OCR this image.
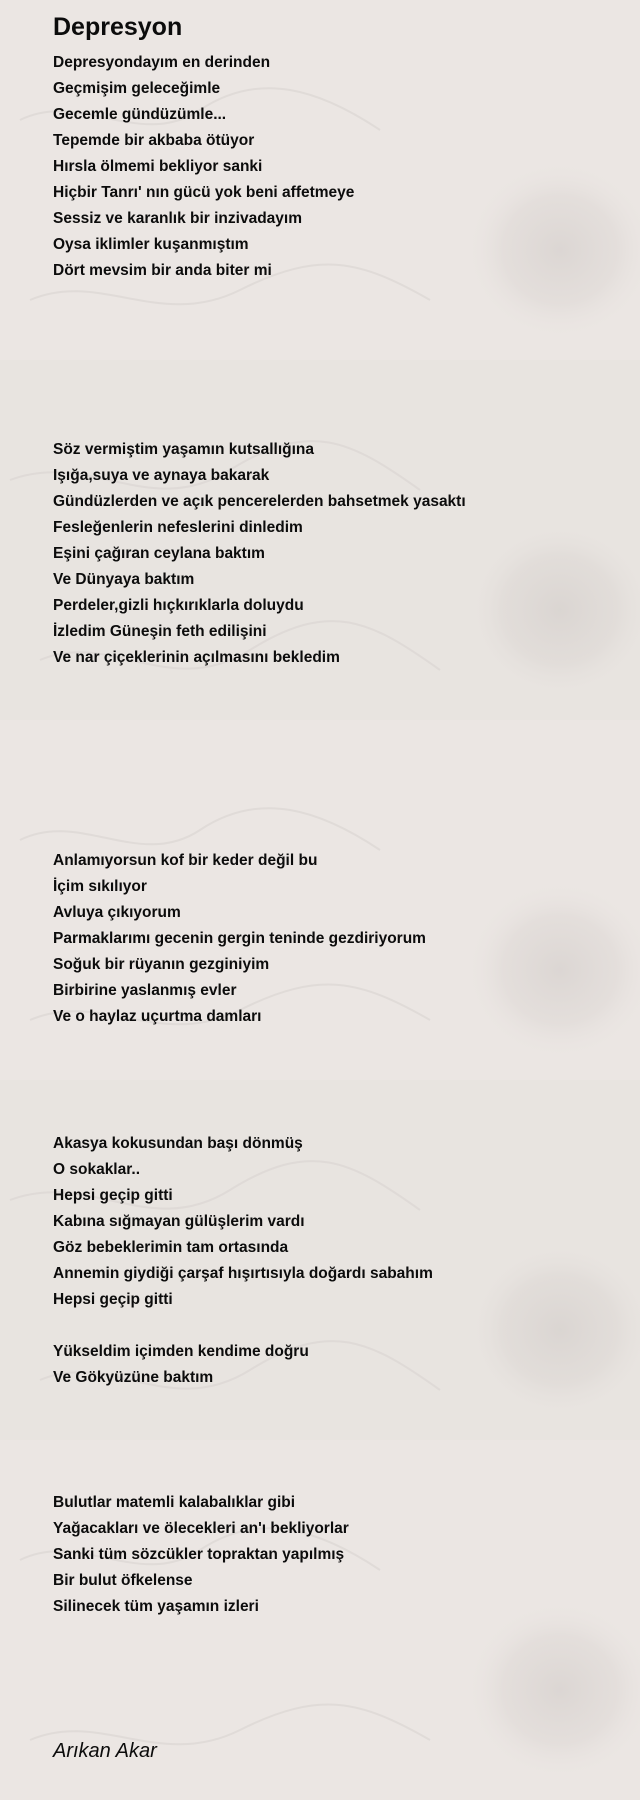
Depresyon
Depresyondayım en derinden
Geçmişim geleceğimle
Gecemle gündüzümle...
Tepemde bir akbaba ötüyor
Hırsla ölmemi bekliyor sanki
Hiçbir Tanrı' nın gücü yok beni affetmeye
Sessiz ve karanlık bir inzivadayım
Oysa iklimler kuşanmıştım
Dört mevsim bir anda biter mi
Söz vermiştim yaşamın kutsallığına
Işığa,suya ve aynaya bakarak
Gündüzlerden ve açık pencerelerden bahsetmek yasaktı
Fesleğenlerin nefeslerini dinledim
Eşini çağıran ceylana baktım
Ve Dünyaya baktım
Perdeler,gizli hıçkırıklarla doluydu
İzledim Güneşin feth edilişini
Ve nar çiçeklerinin açılmasını bekledim
Anlamıyorsun kof bir keder değil bu
İçim sıkılıyor
Avluya çıkıyorum
Parmaklarımı gecenin gergin teninde gezdiriyorum
Soğuk bir rüyanın gezginiyim
Birbirine yaslanmış evler
Ve o haylaz uçurtma damları
Akasya kokusundan başı dönmüş
O sokaklar..
Hepsi geçip gitti
Kabına sığmayan gülüşlerim vardı
Göz bebeklerimin tam ortasında
Annemin giydiği çarşaf hışırtısıyla doğardı sabahım
Hepsi geçip gitti
Yükseldim içimden kendime doğru
Ve Gökyüzüne baktım
Bulutlar matemli kalabalıklar gibi
Yağacakları ve ölecekleri an'ı bekliyorlar
Sanki tüm sözcükler topraktan yapılmış
Bir bulut öfkelense
Silinecek tüm yaşamın izleri

Arıkan Akar
